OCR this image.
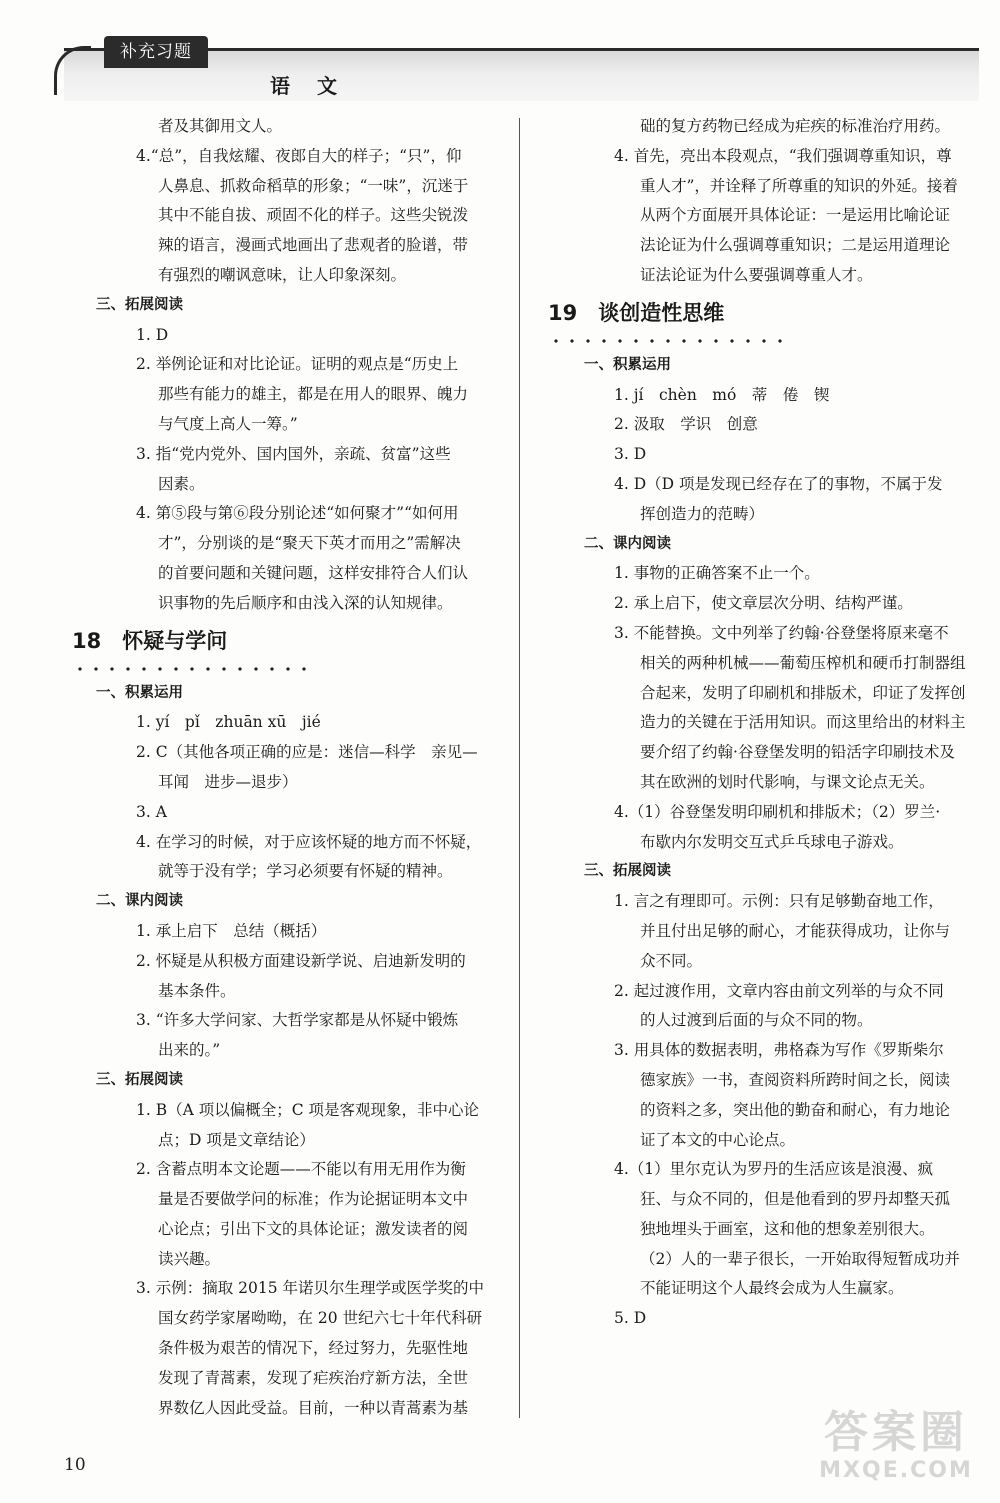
补充习题
语 文
者及其御用文人。
4.“总”，自我炫耀、夜郎自大的样子；“只”，仰
人鼻息、抓救命稻草的形象；“一味”，沉迷于
其中不能自拔、顽固不化的样子。这些尖锐泼
辣的语言，漫画式地画出了悲观者的脸谱，带
有强烈的嘲讽意味，让人印象深刻。
三、拓展阅读
1. D
2. 举例论证和对比论证。证明的观点是“历史上
那些有能力的雄主，都是在用人的眼界、魄力
与气度上高人一筹。”
3. 指“党内党外、国内国外，亲疏、贫富”这些
因素。
4. 第⑤段与第⑥段分别论述“如何聚才”“如何用
才”，分别谈的是“聚天下英才而用之”需解决
的首要问题和关键问题，这样安排符合人们认
识事物的先后顺序和由浅入深的认知规律。
18　怀疑与学问
一、积累运用
1. yí　pǐ　zhuān xū　jié
2. C（其他各项正确的应是：迷信—科学　亲见—
耳闻　进步—退步）
3. A
4. 在学习的时候，对于应该怀疑的地方而不怀疑，
就等于没有学；学习必须要有怀疑的精神。
二、课内阅读
1. 承上启下　总结（概括）
2. 怀疑是从积极方面建设新学说、启迪新发明的
基本条件。
3. “许多大学问家、大哲学家都是从怀疑中锻炼
出来的。”
三、拓展阅读
1. B（A 项以偏概全；C 项是客观现象，非中心论
点；D 项是文章结论）
2. 含蓄点明本文论题——不能以有用无用作为衡
量是否要做学问的标准；作为论据证明本文中
心论点；引出下文的具体论证；激发读者的阅
读兴趣。
3. 示例：摘取 2015 年诺贝尔生理学或医学奖的中
国女药学家屠呦呦，在 20 世纪六七十年代科研
条件极为艰苦的情况下，经过努力，先驱性地
发现了青蒿素，发现了疟疾治疗新方法，全世
界数亿人因此受益。目前，一种以青蒿素为基
础的复方药物已经成为疟疾的标准治疗用药。
4. 首先，亮出本段观点，“我们强调尊重知识，尊
重人才”，并诠释了所尊重的知识的外延。接着
从两个方面展开具体论证：一是运用比喻论证
法论证为什么强调尊重知识；二是运用道理论
证法论证为什么要强调尊重人才。
19　谈创造性思维
一、积累运用
1. jí　chèn　mó　蒂　倦　锲
2. 汲取　学识　创意
3. D
4. D（D 项是发现已经存在了的事物，不属于发
挥创造力的范畴）
二、课内阅读
1. 事物的正确答案不止一个。
2. 承上启下，使文章层次分明、结构严谨。
3. 不能替换。文中列举了约翰·谷登堡将原来毫不
相关的两种机械——葡萄压榨机和硬币打制器组
合起来，发明了印刷机和排版术，印证了发挥创
造力的关键在于活用知识。而这里给出的材料主
要介绍了约翰·谷登堡发明的铅活字印刷技术及
其在欧洲的划时代影响，与课文论点无关。
4.（1）谷登堡发明印刷机和排版术；（2）罗兰·
布歇内尔发明交互式乒乓球电子游戏。
三、拓展阅读
1. 言之有理即可。示例：只有足够勤奋地工作，
并且付出足够的耐心，才能获得成功，让你与
众不同。
2. 起过渡作用，文章内容由前文列举的与众不同
的人过渡到后面的与众不同的物。
3. 用具体的数据表明，弗格森为写作《罗斯柴尔
德家族》一书，查阅资料所跨时间之长，阅读
的资料之多，突出他的勤奋和耐心，有力地论
证了本文的中心论点。
4.（1）里尔克认为罗丹的生活应该是浪漫、疯
狂、与众不同的，但是他看到的罗丹却整天孤
独地埋头于画室，这和他的想象差别很大。
（2）人的一辈子很长，一开始取得短暂成功并
不能证明这个人最终会成为人生赢家。
5. D
10
答案圈
MXQE.COM
